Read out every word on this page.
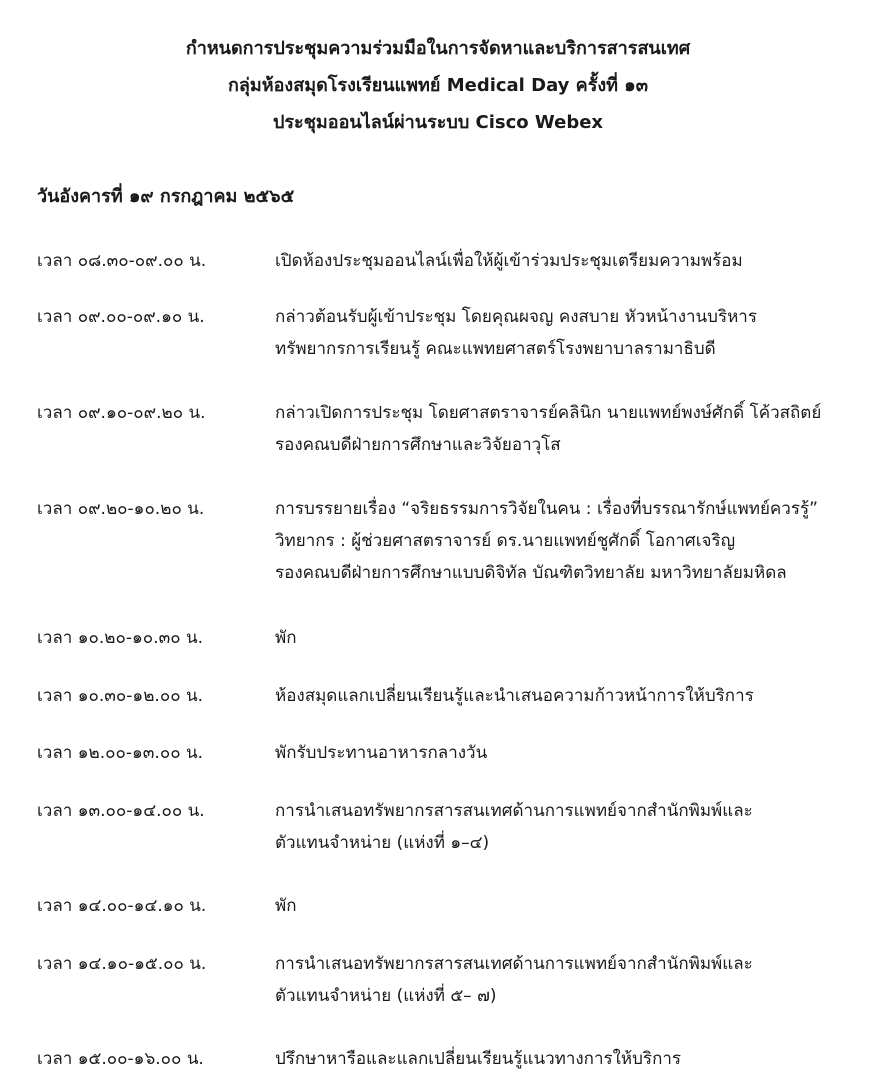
กำหนดการประชุมความร่วมมือในการจัดหาและบริการสารสนเทศ
กลุ่มห้องสมุดโรงเรียนแพทย์ Medical Day ครั้งที่ ๑๓
ประชุมออนไลน์ผ่านระบบ Cisco Webex
วันอังคารที่ ๑๙ กรกฎาคม ๒๕๖๕
เวลา ๐๘.๓๐-๐๙.๐๐ น.	เปิดห้องประชุมออนไลน์เพื่อให้ผู้เข้าร่วมประชุมเตรียมความพร้อม
เวลา ๐๙.๐๐-๐๙.๑๐ น.	กล่าวต้อนรับผู้เข้าประชุม โดยคุณผจญ คงสบาย หัวหน้างานบริหาร
ทรัพยากรการเรียนรู้ คณะแพทยศาสตร์โรงพยาบาลรามาธิบดี
เวลา ๐๙.๑๐-๐๙.๒๐ น.	กล่าวเปิดการประชุม โดยศาสตราจารย์คลินิก นายแพทย์พงษ์ศักดิ์ โค้วสถิตย์
รองคณบดีฝ่ายการศึกษาและวิจัยอาวุโส
เวลา ๐๙.๒๐-๑๐.๒๐ น.	การบรรยายเรื่อง “จริยธรรมการวิจัยในคน : เรื่องที่บรรณารักษ์แพทย์ควรรู้”
วิทยากร : ผู้ช่วยศาสตราจารย์ ดร.นายแพทย์ชูศักดิ์ โอกาศเจริญ
รองคณบดีฝ่ายการศึกษาแบบดิจิทัล บัณฑิตวิทยาลัย มหาวิทยาลัยมหิดล
เวลา ๑๐.๒๐-๑๐.๓๐ น.	พัก
เวลา ๑๐.๓๐-๑๒.๐๐ น.	ห้องสมุดแลกเปลี่ยนเรียนรู้และนำเสนอความก้าวหน้าการให้บริการ
เวลา ๑๒.๐๐-๑๓.๐๐ น.	พักรับประทานอาหารกลางวัน
เวลา ๑๓.๐๐-๑๔.๐๐ น.	การนำเสนอทรัพยากรสารสนเทศด้านการแพทย์จากสำนักพิมพ์และ
ตัวแทนจำหน่าย (แห่งที่ ๑–๔)
เวลา ๑๔.๐๐-๑๔.๑๐ น.	พัก
เวลา ๑๔.๑๐-๑๕.๐๐ น.	การนำเสนอทรัพยากรสารสนเทศด้านการแพทย์จากสำนักพิมพ์และ
ตัวแทนจำหน่าย (แห่งที่ ๕– ๗)
เวลา ๑๕.๐๐-๑๖.๐๐ น.	ปรึกษาหารือและแลกเปลี่ยนเรียนรู้แนวทางการให้บริการ
